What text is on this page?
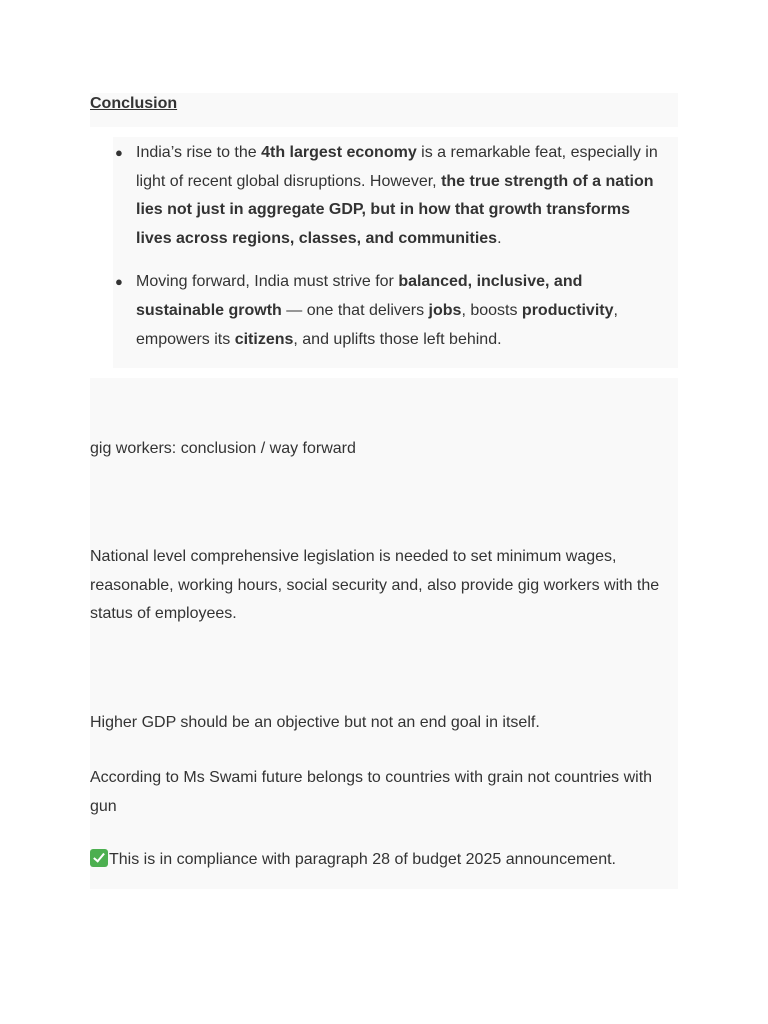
Conclusion
● India’s rise to the 4th largest economy is a remarkable feat, especially in light of recent global disruptions. However, the true strength of a nation lies not just in aggregate GDP, but in how that growth transforms lives across regions, classes, and communities.
● Moving forward, India must strive for balanced, inclusive, and sustainable growth — one that delivers jobs, boosts productivity, empowers its citizens, and uplifts those left behind.

gig workers: conclusion / way forward

National level comprehensive legislation is needed to set minimum wages, reasonable, working hours, social security and, also provide gig workers with the status of employees.

Higher GDP should be an objective but not an end goal in itself.

According to Ms Swami future belongs to countries with grain not countries with gun

This is in compliance with paragraph 28 of budget 2025 announcement.
